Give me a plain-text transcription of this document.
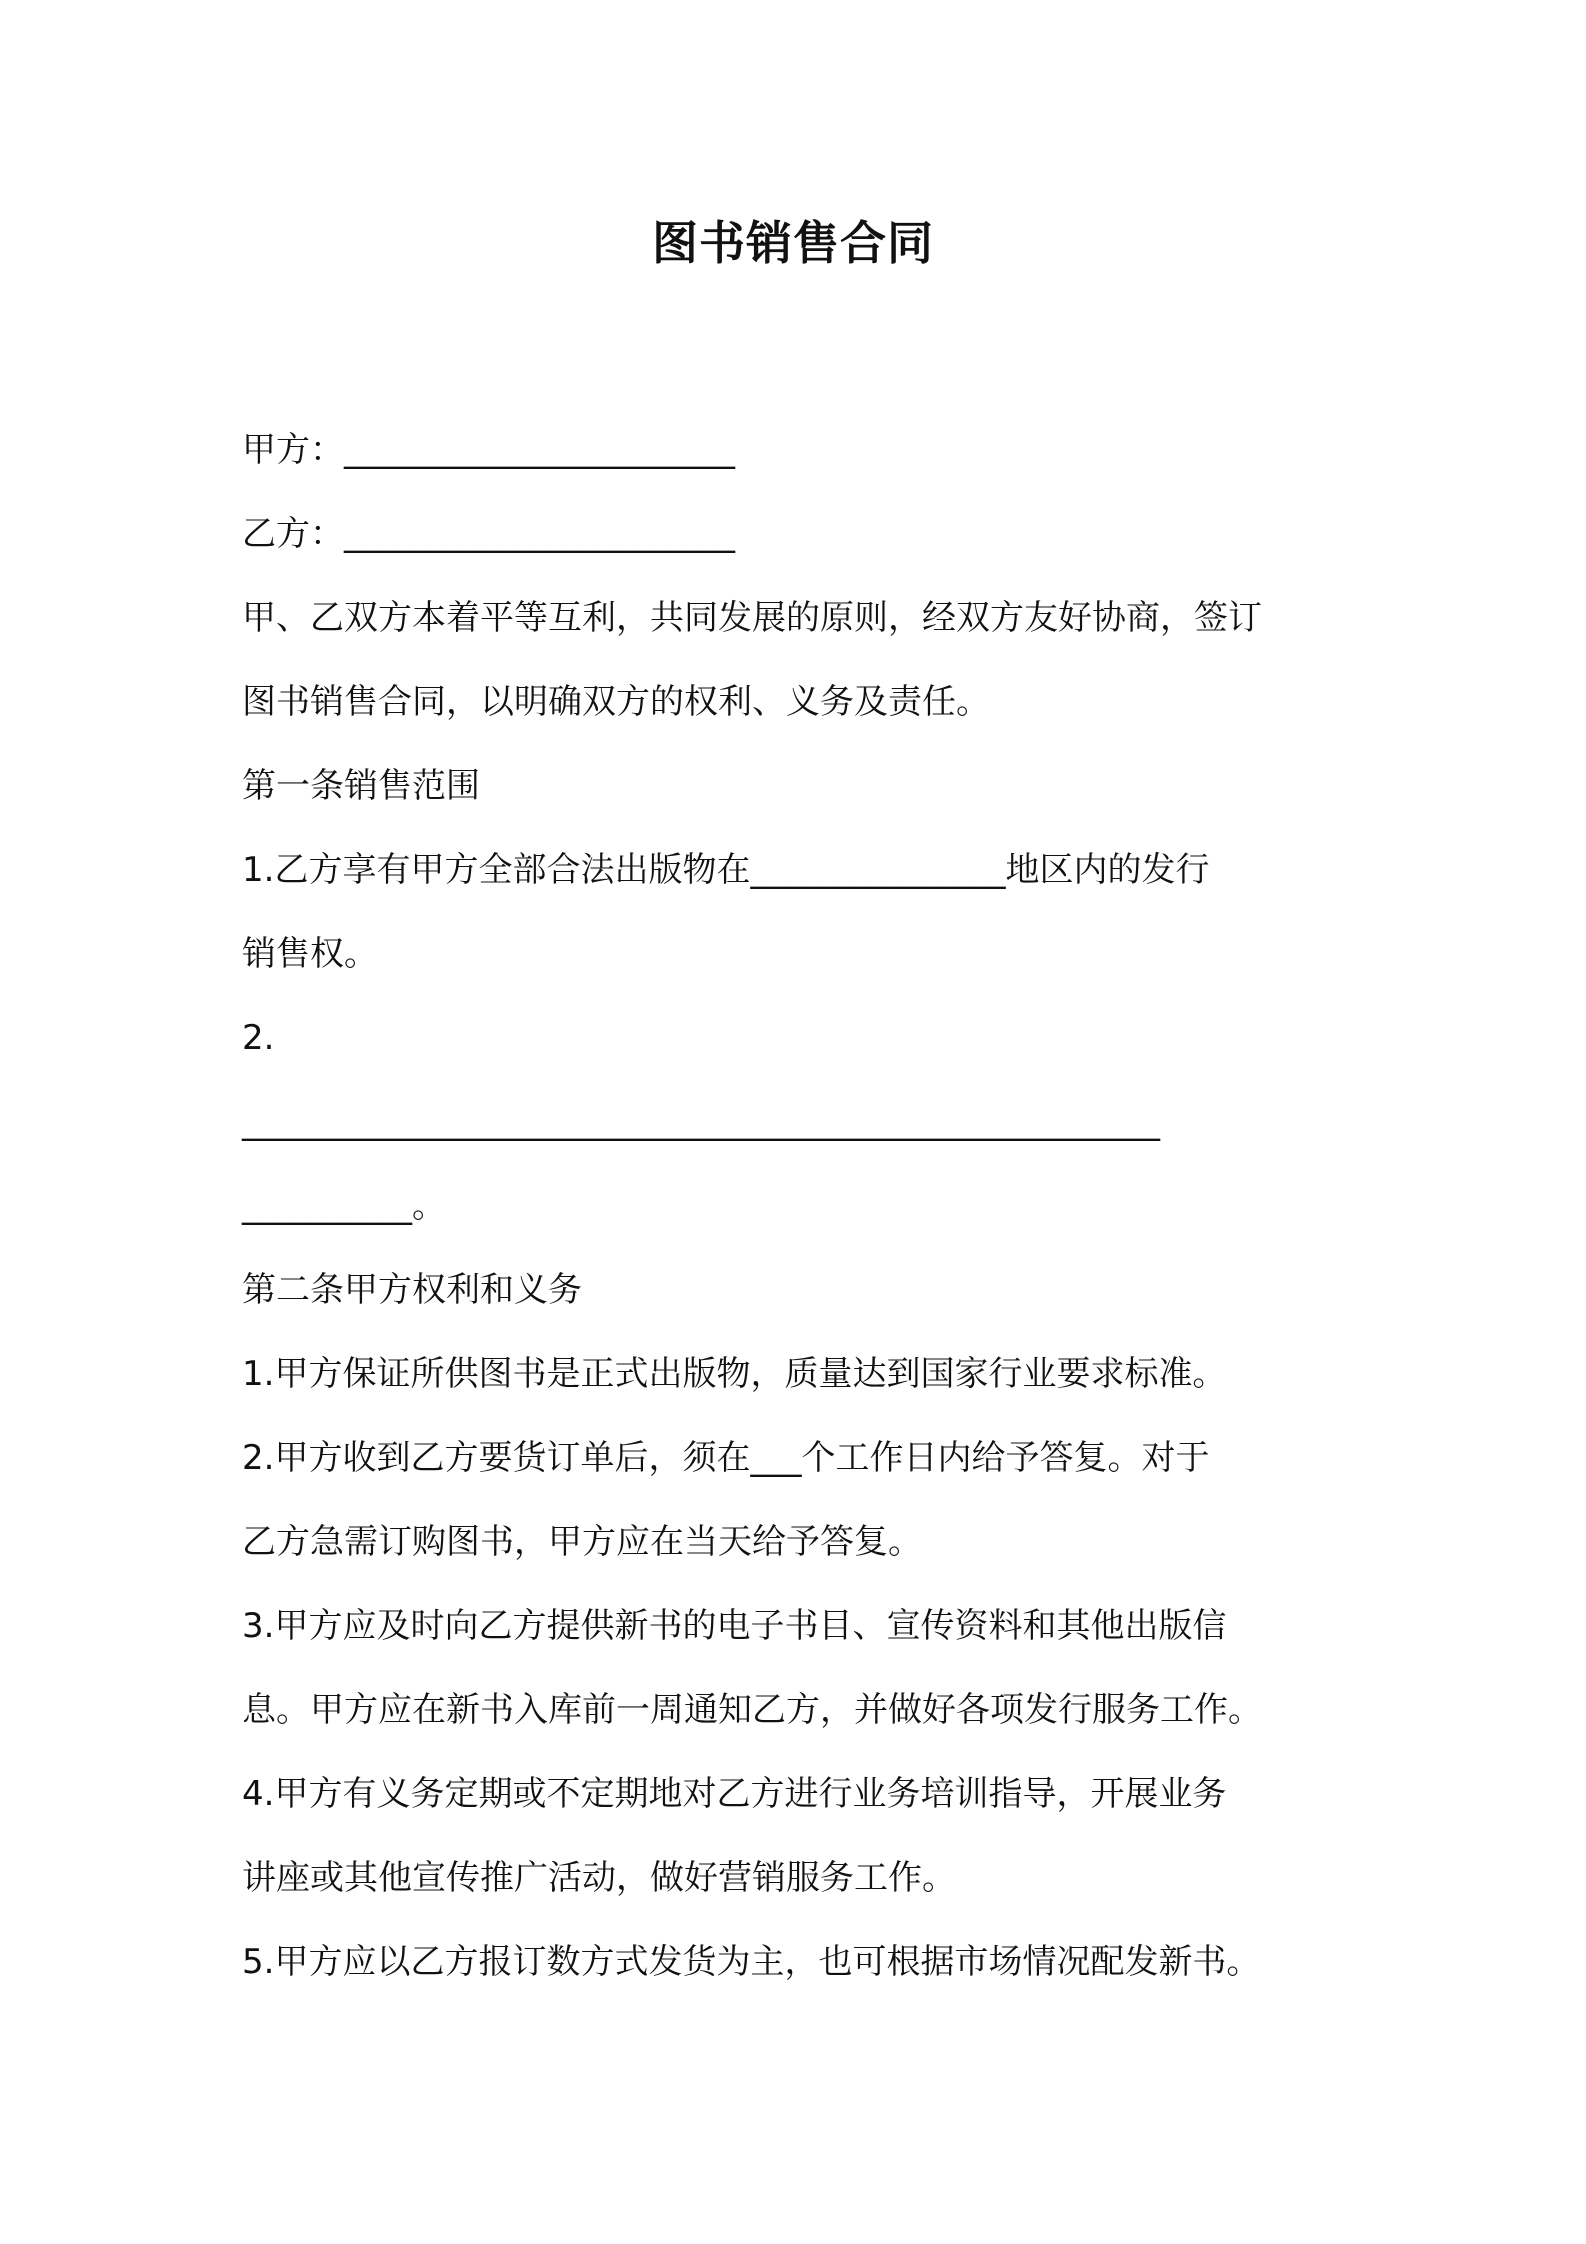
图书销售合同
甲方：_______________________
乙方：_______________________
甲、乙双方本着平等互利，共同发展的原则，经双方友好协商，签订
图书销售合同，以明确双方的权利、义务及责任。
第一条销售范围
1.乙方享有甲方全部合法出版物在_______________地区内的发行
销售权。
2.
______________________________________________________
__________。
第二条甲方权利和义务
1.甲方保证所供图书是正式出版物，质量达到国家行业要求标准。
2.甲方收到乙方要货订单后，须在___个工作日内给予答复。对于
乙方急需订购图书，甲方应在当天给予答复。
3.甲方应及时向乙方提供新书的电子书目、宣传资料和其他出版信
息。甲方应在新书入库前一周通知乙方，并做好各项发行服务工作。
4.甲方有义务定期或不定期地对乙方进行业务培训指导，开展业务
讲座或其他宣传推广活动，做好营销服务工作。
5.甲方应以乙方报订数方式发货为主，也可根据市场情况配发新书。
